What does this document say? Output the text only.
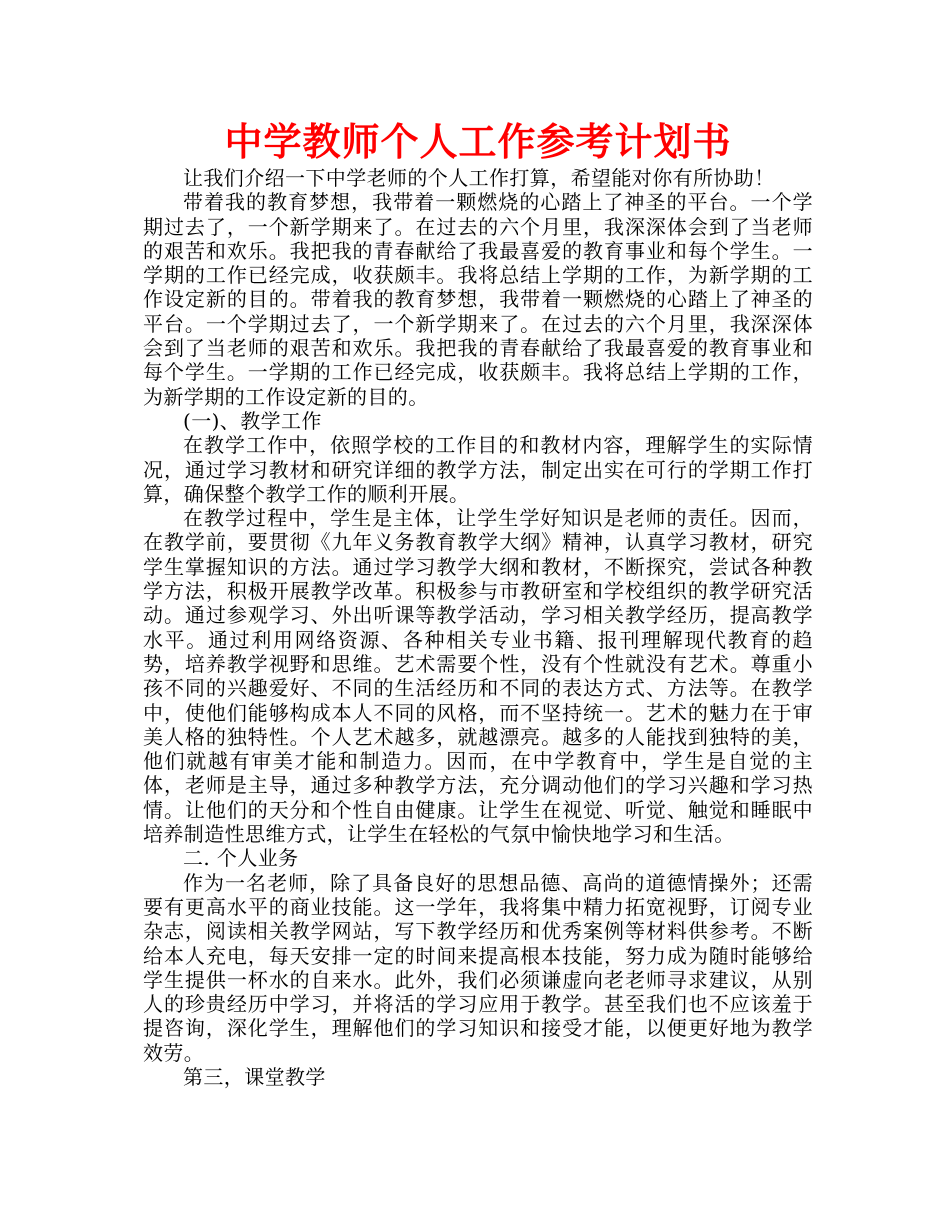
中学教师个人工作参考计划书

让我们介绍一下中学老师的个人工作打算，希望能对你有所协助！

带着我的教育梦想，我带着一颗燃烧的心踏上了神圣的平台。一个学期过去了，一个新学期来了。在过去的六个月里，我深深体会到了当老师的艰苦和欢乐。我把我的青春献给了我最喜爱的教育事业和每个学生。一学期的工作已经完成，收获颇丰。我将总结上学期的工作，为新学期的工作设定新的目的。带着我的教育梦想，我带着一颗燃烧的心踏上了神圣的平台。一个学期过去了，一个新学期来了。在过去的六个月里，我深深体会到了当老师的艰苦和欢乐。我把我的青春献给了我最喜爱的教育事业和每个学生。一学期的工作已经完成，收获颇丰。我将总结上学期的工作，为新学期的工作设定新的目的。

(一)、教学工作

在教学工作中，依照学校的工作目的和教材内容，理解学生的实际情况，通过学习教材和研究详细的教学方法，制定出实在可行的学期工作打算，确保整个教学工作的顺利开展。

在教学过程中，学生是主体，让学生学好知识是老师的责任。因而，在教学前，要贯彻《九年义务教育教学大纲》精神，认真学习教材，研究学生掌握知识的方法。通过学习教学大纲和教材，不断探究，尝试各种教学方法，积极开展教学改革。积极参与市教研室和学校组织的教学研究活动。通过参观学习、外出听课等教学活动，学习相关教学经历，提高教学水平。通过利用网络资源、各种相关专业书籍、报刊理解现代教育的趋势，培养教学视野和思维。艺术需要个性，没有个性就没有艺术。尊重小孩不同的兴趣爱好、不同的生活经历和不同的表达方式、方法等。在教学中，使他们能够构成本人不同的风格，而不坚持统一。艺术的魅力在于审美人格的独特性。个人艺术越多，就越漂亮。越多的人能找到独特的美，他们就越有审美才能和制造力。因而，在中学教育中，学生是自觉的主体，老师是主导，通过多种教学方法，充分调动他们的学习兴趣和学习热情。让他们的天分和个性自由健康。让学生在视觉、听觉、触觉和睡眠中培养制造性思维方式，让学生在轻松的气氛中愉快地学习和生活。

二. 个人业务

作为一名老师，除了具备良好的思想品德、高尚的道德情操外；还需要有更高水平的商业技能。这一学年，我将集中精力拓宽视野，订阅专业杂志，阅读相关教学网站，写下教学经历和优秀案例等材料供参考。不断给本人充电，每天安排一定的时间来提高根本技能，努力成为随时能够给学生提供一杯水的自来水。此外，我们必须谦虚向老老师寻求建议，从别人的珍贵经历中学习，并将活的学习应用于教学。甚至我们也不应该羞于提咨询，深化学生，理解他们的学习知识和接受才能，以便更好地为教学效劳。

第三，课堂教学
